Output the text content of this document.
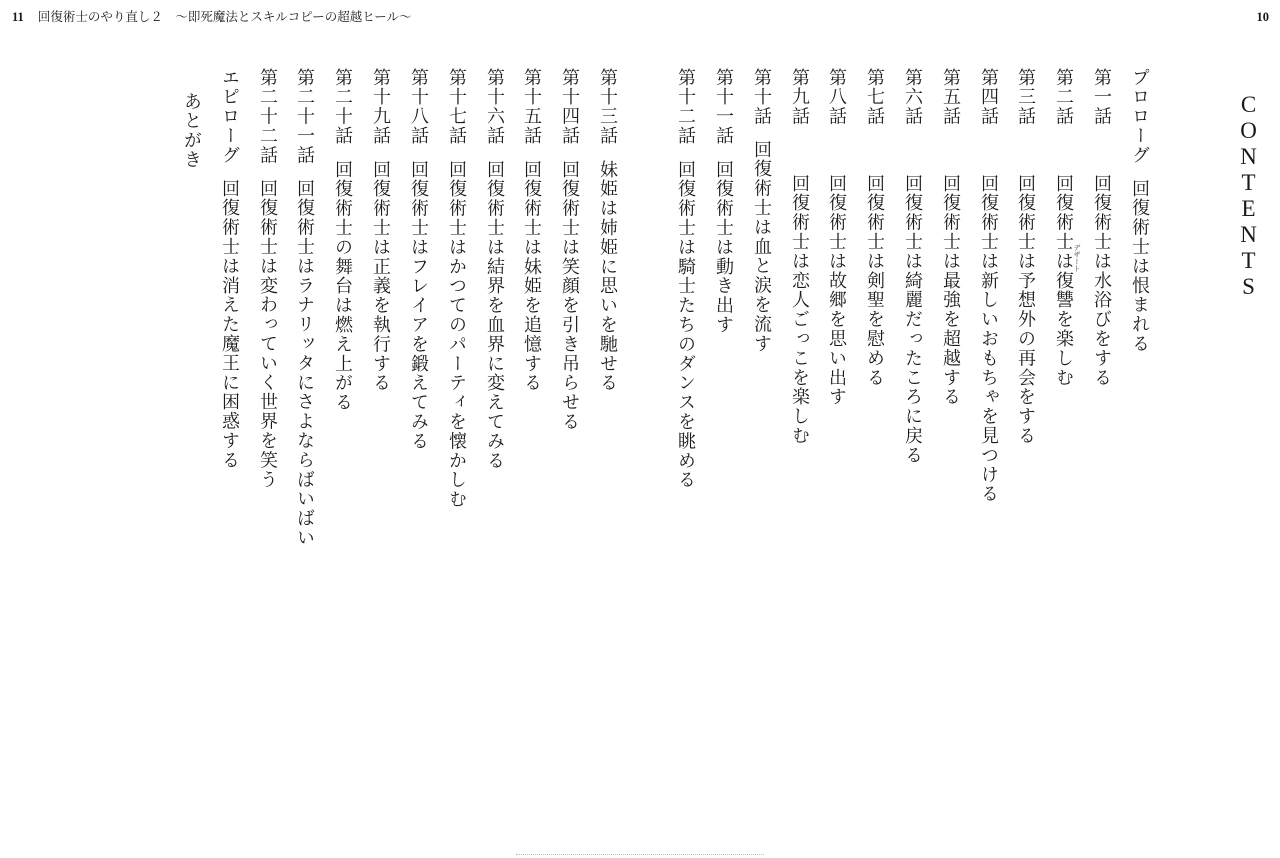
11 回復術士のやり直し２　〜即死魔法とスキルコピーの超越ヒール〜	10
CONTENTS
デザート
プロローグ回復術士は恨まれる
第一話
回復術士は水浴びをする
第二話
回復術士は復讐を楽しむ
第三話
回復術士は予想外の再会をする
第四話
回復術士は新しいおもちゃを見つける
第五話
回復術士は最強を超越する
第六話
回復術士は綺麗だったころに戻る
第七話
回復術士は剣聖を慰める
第八話
回復術士は故郷を思い出す
第九話
回復術士は恋人ごっこを楽しむ
第十話回復術士は血と涙を流す
第十一話回復術士は動き出す
第十二話回復術士は騎士たちのダンスを眺める
第十三話妹姫は姉姫に思いを馳せる
第十四話回復術士は笑顔を引き吊らせる
第十五話回復術士は妹姫を追憶する
第十六話回復術士は結界を血界に変えてみる
第十七話回復術士はかつてのパーティを懐かしむ
第十八話回復術士はフレイアを鍛えてみる
第十九話回復術士は正義を執行する
第二十話回復術士の舞台は燃え上がる
第二十一話回復術士はラナリッタにさよならばいばい
第二十二話回復術士は変わっていく世界を笑う
エピローグ回復術士は消えた魔王に困惑する
あとがき
